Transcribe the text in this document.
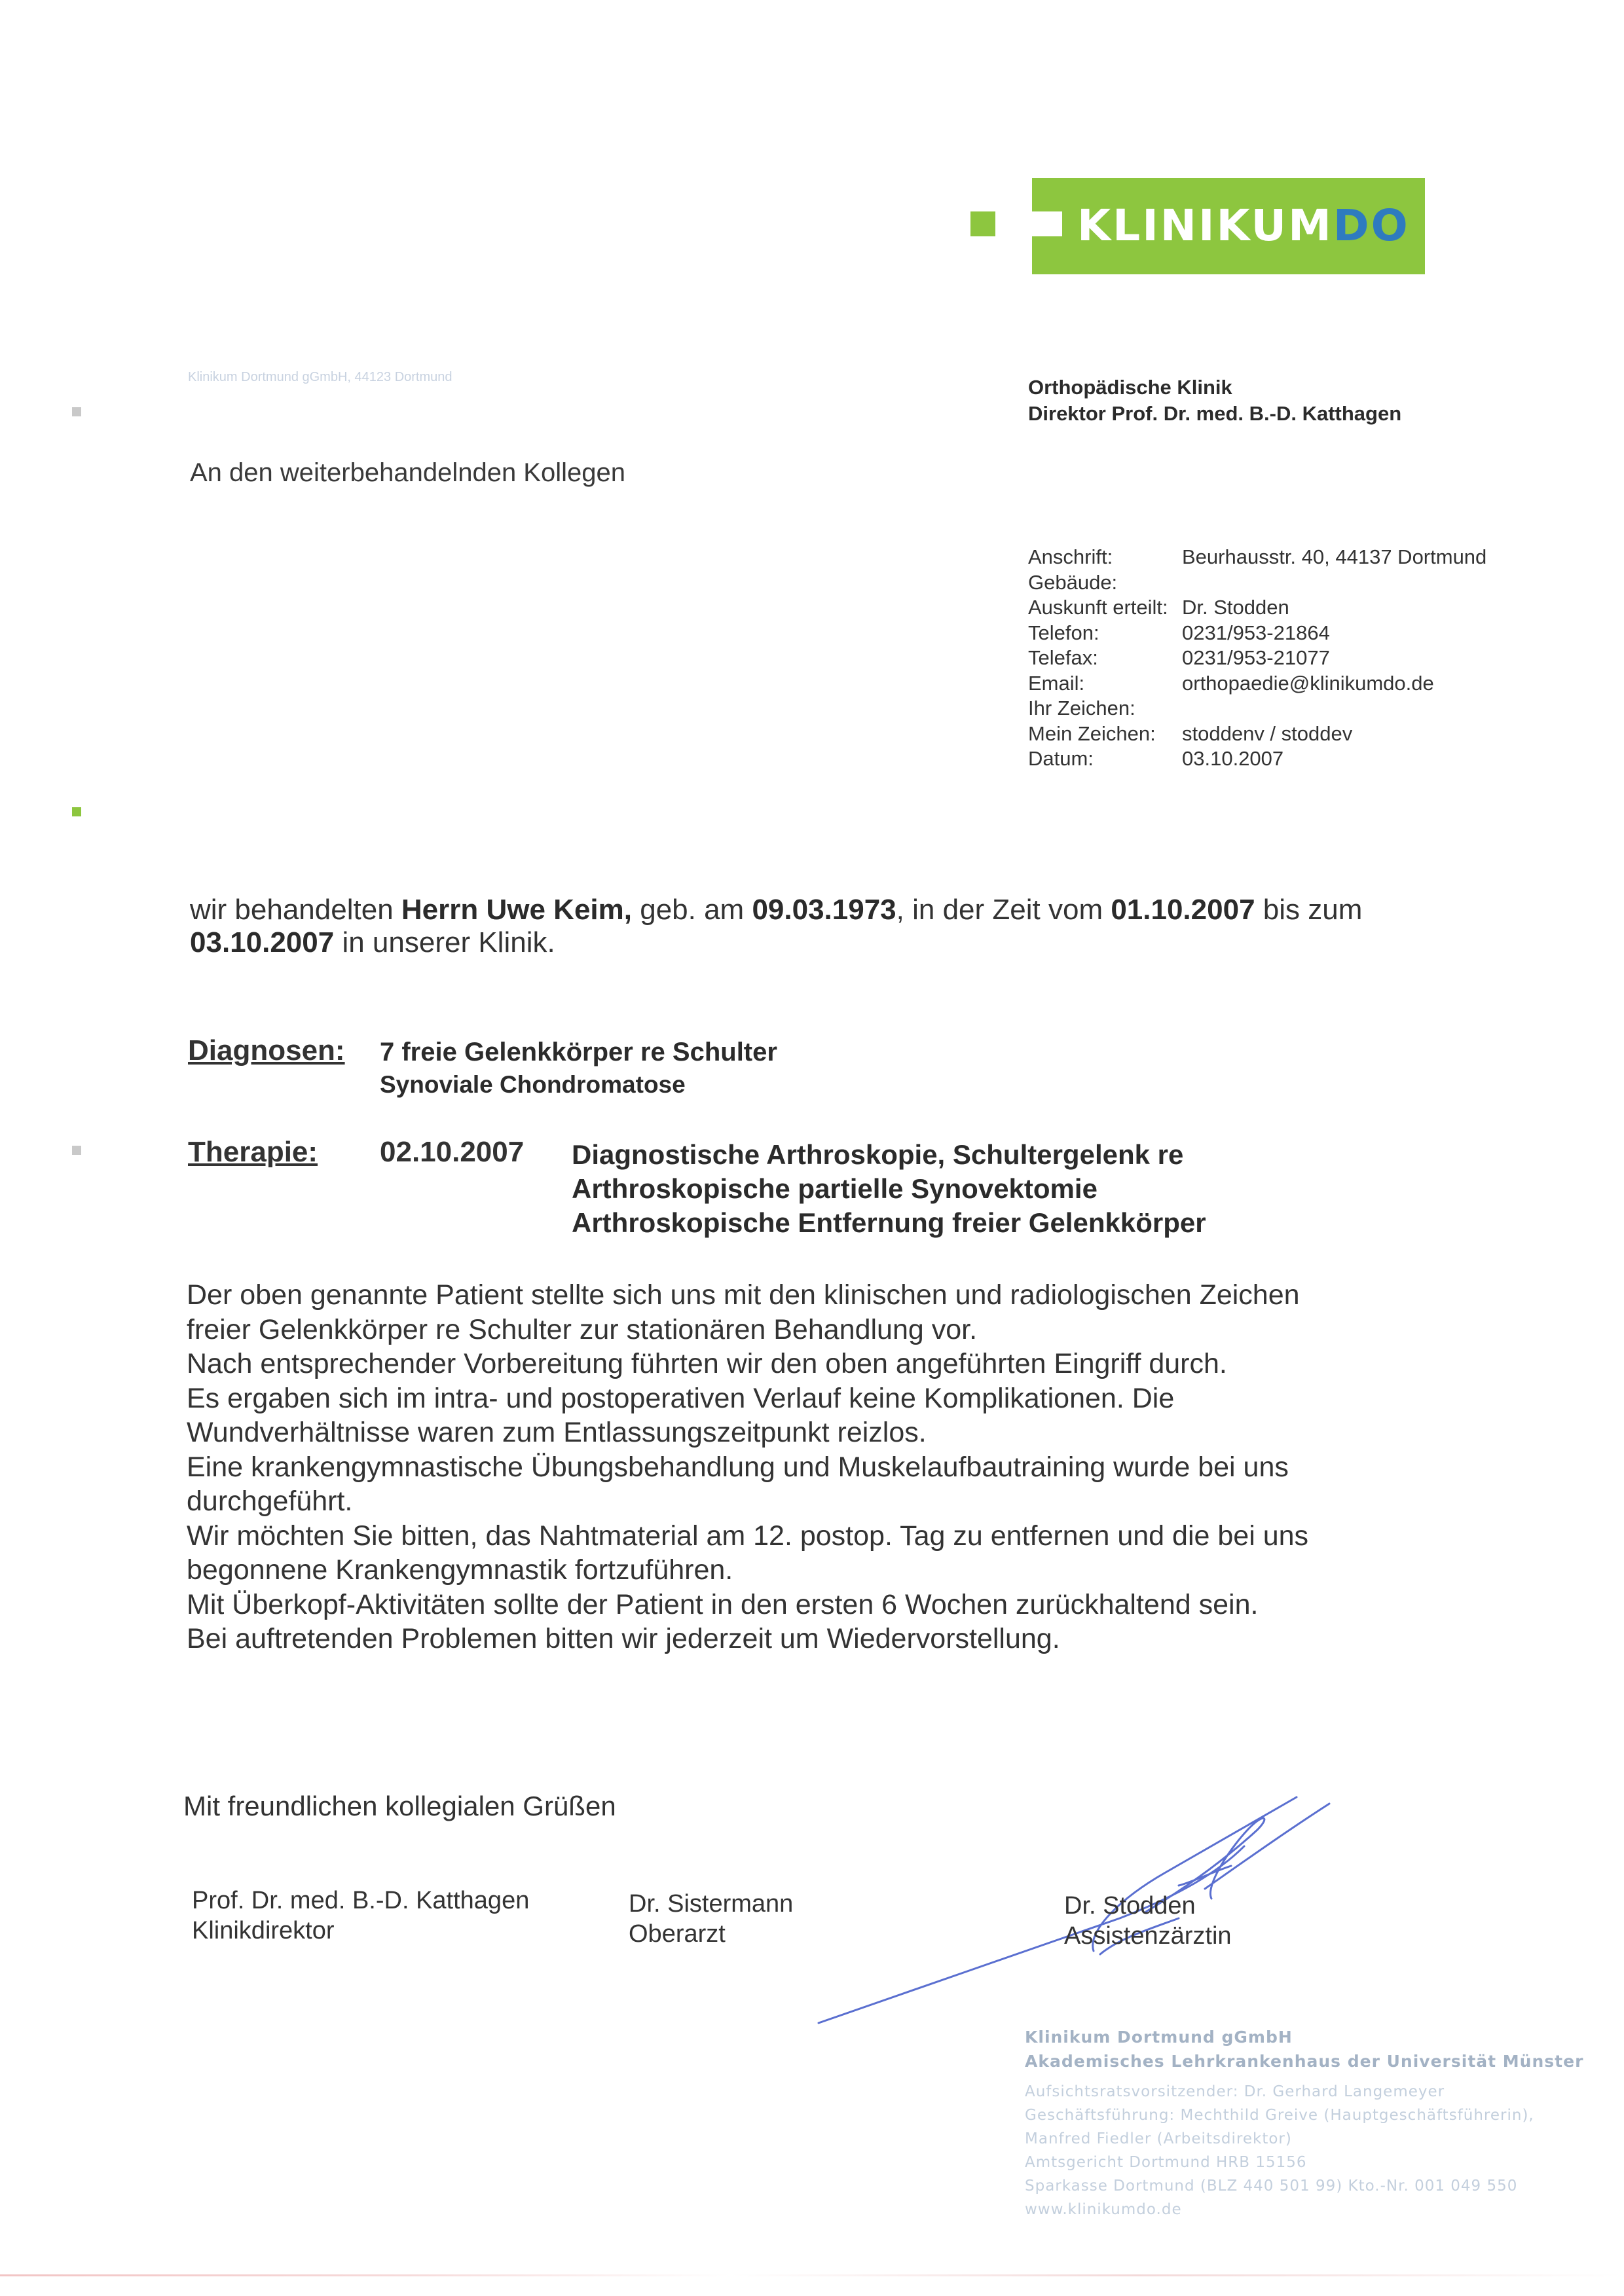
KLINIKUMDO
Klinikum Dortmund gGmbH, 44123 Dortmund	Orthopädische Klinik
Direktor Prof. Dr. med. B.-D. Katthagen
An den weiterbehandelnden Kollegen
Anschrift:	Beurhausstr. 40, 44137 Dortmund
Gebäude:
Auskunft erteilt: Dr. Stodden
Telefon:	0231/953-21864
Telefax:	0231/953-21077
Email:	orthopaedie@klinikumdo.de
Ihr Zeichen:
Mein Zeichen:	stoddenv / stoddev
Datum:	03.10.2007
wir behandelten Herrn Uwe Keim, geb. am 09.03.1973, in der Zeit vom 01.10.2007 bis zum
03.10.2007 in unserer Klinik.
Diagnosen: 7 freie Gelenkkörper re Schulter
Synoviale Chondromatose
Therapie: 02.10.2007 Diagnostische Arthroskopie, Schultergelenk re
Arthroskopische partielle Synovektomie
Arthroskopische Entfernung freier Gelenkkörper
Der oben genannte Patient stellte sich uns mit den klinischen und radiologischen Zeichen
freier Gelenkkörper re Schulter zur stationären Behandlung vor.
Nach entsprechender Vorbereitung führten wir den oben angeführten Eingriff durch.
Es ergaben sich im intra- und postoperativen Verlauf keine Komplikationen. Die
Wundverhältnisse waren zum Entlassungszeitpunkt reizlos.
Eine krankengymnastische Übungsbehandlung und Muskelaufbautraining wurde bei uns
durchgeführt.
Wir möchten Sie bitten, das Nahtmaterial am 12. postop. Tag zu entfernen und die bei uns
begonnene Krankengymnastik fortzuführen.
Mit Überkopf-Aktivitäten sollte der Patient in den ersten 6 Wochen zurückhaltend sein.
Bei auftretenden Problemen bitten wir jederzeit um Wiedervorstellung.
Mit freundlichen kollegialen Grüßen
Prof. Dr. med. B.-D. Katthagen
Klinikdirektor
Dr. Sistermann
Oberarzt
Dr. Stodden
Assistenzärztin
Klinikum Dortmund gGmbH
Akademisches Lehrkrankenhaus der Universität Münster
Aufsichtsratsvorsitzender: Dr. Gerhard Langemeyer
Geschäftsführung: Mechthild Greive (Hauptgeschäftsführerin),
Manfred Fiedler (Arbeitsdirektor)
Amtsgericht Dortmund HRB 15156
Sparkasse Dortmund (BLZ 440 501 99) Kto.-Nr. 001 049 550
www.klinikumdo.de
